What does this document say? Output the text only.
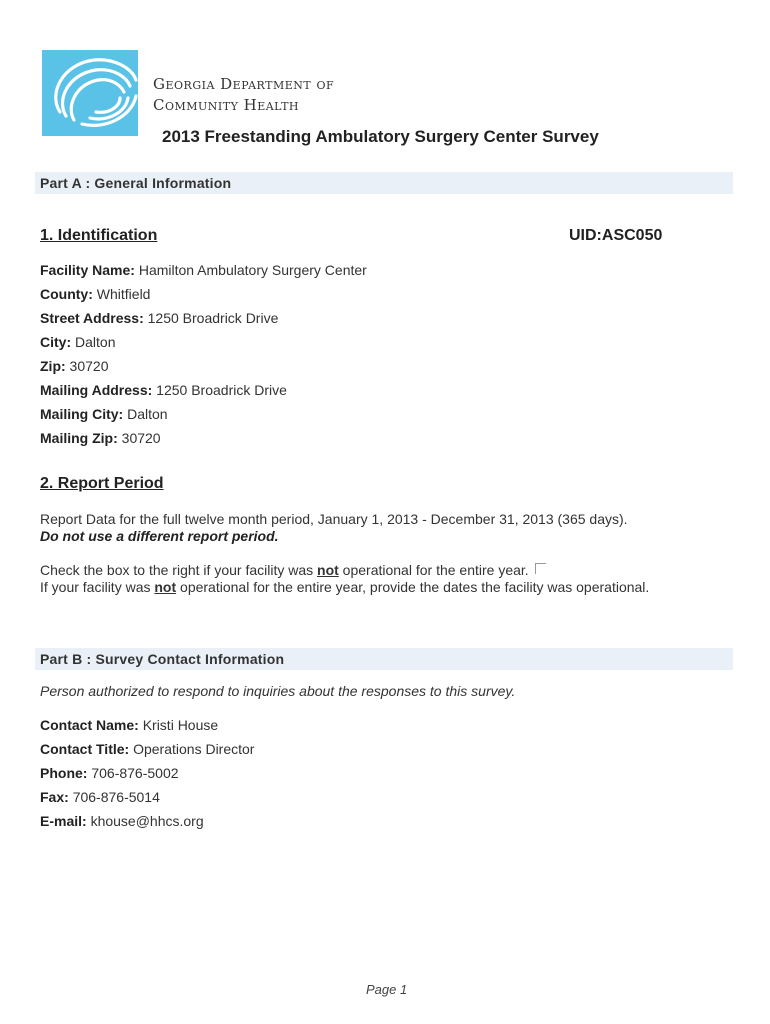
Georgia Department of
Community Health
2013 Freestanding Ambulatory Surgery Center Survey
Part A : General Information
1. Identification	UID:ASC050
Facility Name: Hamilton Ambulatory Surgery Center
County: Whitfield
Street Address: 1250 Broadrick Drive
City: Dalton
Zip: 30720
Mailing Address: 1250 Broadrick Drive
Mailing City: Dalton
Mailing Zip: 30720
2. Report Period
Report Data for the full twelve month period, January 1, 2013 - December 31, 2013 (365 days).
Do not use a different report period.
Check the box to the right if your facility was not operational for the entire year.
If your facility was not operational for the entire year, provide the dates the facility was operational.
Part B : Survey Contact Information
Person authorized to respond to inquiries about the responses to this survey.
Contact Name: Kristi House
Contact Title: Operations Director
Phone: 706-876-5002
Fax: 706-876-5014
E-mail: khouse@hhcs.org
Page 1
